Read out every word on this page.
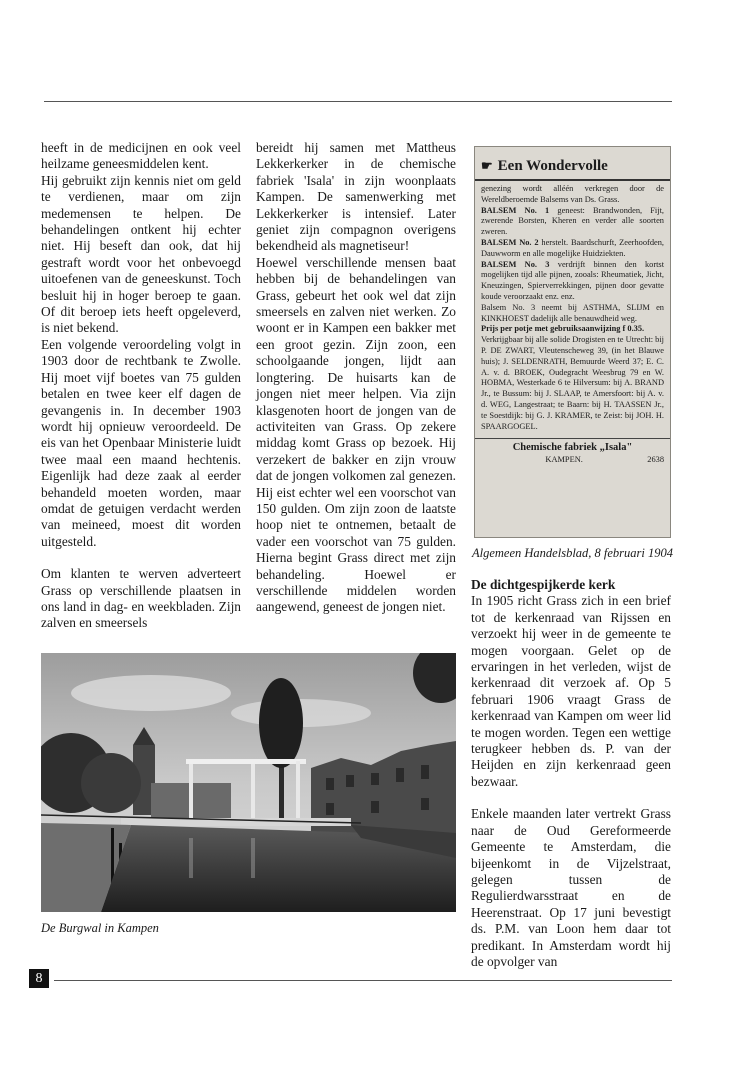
heeft in de medicijnen en ook veel heilzame geneesmiddelen kent.

Hij gebruikt zijn kennis niet om geld te verdienen, maar om zijn medemensen te helpen. De behandelingen ontkent hij echter niet. Hij beseft dan ook, dat hij gestraft wordt voor het onbevoegd uitoefenen van de geneeskunst. Toch besluit hij in hoger beroep te gaan. Of dit beroep iets heeft opgeleverd, is niet bekend.

Een volgende veroordeling volgt in 1903 door de rechtbank te Zwolle. Hij moet vijf boetes van 75 gulden betalen en twee keer elf dagen de gevangenis in. In december 1903 wordt hij opnieuw veroordeeld. De eis van het Openbaar Ministerie luidt twee maal een maand hechtenis. Eigenlijk had deze zaak al eerder behandeld moeten worden, maar omdat de getuigen verdacht werden van meineed, moest dit worden uitgesteld.

Om klanten te werven adverteert Grass op verschillende plaatsen in ons land in dag- en weekbladen. Zijn zalven en smeersels

bereidt hij samen met Mattheus Lekkerkerker in de chemische fabriek 'Isala' in zijn woonplaats Kampen. De samenwerking met Lekkerkerker is intensief. Later geniet zijn compagnon overigens bekendheid als magnetiseur!

Hoewel verschillende mensen baat hebben bij de behandelingen van Grass, gebeurt het ook wel dat zijn smeersels en zalven niet werken. Zo woont er in Kampen een bakker met een groot gezin. Zijn zoon, een schoolgaande jongen, lijdt aan longtering. De huisarts kan de jongen niet meer helpen. Via zijn klasgenoten hoort de jongen van de activiteiten van Grass. Op zekere middag komt Grass op bezoek. Hij verzekert de bakker en zijn vrouw dat de jongen volkomen zal genezen. Hij eist echter wel een voorschot van 150 gulden. Om zijn zoon de laatste hoop niet te ontnemen, betaalt de vader een voorschot van 75 gulden. Hierna begint Grass direct met zijn behandeling. Hoewel er verschillende middelen worden aangewend, geneest de jongen niet.

☛ Een Wondervolle

genezing wordt alléén verkregen door de Wereldberoemde Balsems van Ds. Grass.

BALSEM No. 1 geneest: Brandwonden, Fijt, zwerende Borsten, Kheren en verder alle soorten zweren.

BALSEM No. 2 herstelt. Baardschurft, Zeerhoofden, Dauwworm en alle mogelijke Huidziekten.

BALSEM No. 3 verdrijft binnen den kortst mogelijken tijd alle pijnen, zooals: Rheumatiek, Jicht, Kneuzingen, Spierverrekkingen, pijnen door gevatte koude veroorzaakt enz. enz.

Balsem No. 3 neemt bij ASTHMA, SLIJM en KINKHOEST dadelijk alle benauwdheid weg.

Prijs per potje met gebruiksaanwijzing f 0.35.

Verkrijgbaar bij alle solide Drogisten en te Utrecht: bij P. DE ZWART, Vleutenscheweg 39, (in het Blauwe huis); J. SELDENRATH, Bemuurde Weerd 37; E. C. A. v. d. BROEK, Oudegracht Weesbrug 79 en W. HOBMA, Westerkade 6 te Hilversum: bij A. BRAND Jr., te Bussum: bij J. SLAAP, te Amersfoort: bij A. v. d. WEG, Langestraat; te Baarn: bij H. TAASSEN Jr., te Soestdijk: bij G. J. KRAMER, te Zeist: bij JOH. H. SPAARGOGEL.

Chemische fabriek „Isala"
KAMPEN.	2638
Algemeen Handelsblad, 8 februari 1904

De dichtgespijkerde kerk

In 1905 richt Grass zich in een brief tot de kerkenraad van Rijssen en verzoekt hij weer in de gemeente te mogen voorgaan. Gelet op de ervaringen in het verleden, wijst de kerkenraad dit verzoek af. Op 5 februari 1906 vraagt Grass de kerkenraad van Kampen om weer lid te mogen worden. Tegen een wettige terugkeer hebben ds. P. van der Heijden en zijn kerkenraad geen bezwaar.

Enkele maanden later vertrekt Grass naar de Oud Gereformeerde Gemeente te Amsterdam, die bijeenkomt in de Vijzelstraat, gelegen tussen de Regulierdwarsstraat en de Heerenstraat. Op 17 juni bevestigt ds. P.M. van Loon hem daar tot predikant. In Amsterdam wordt hij de opvolger van

De Burgwal in Kampen
8
